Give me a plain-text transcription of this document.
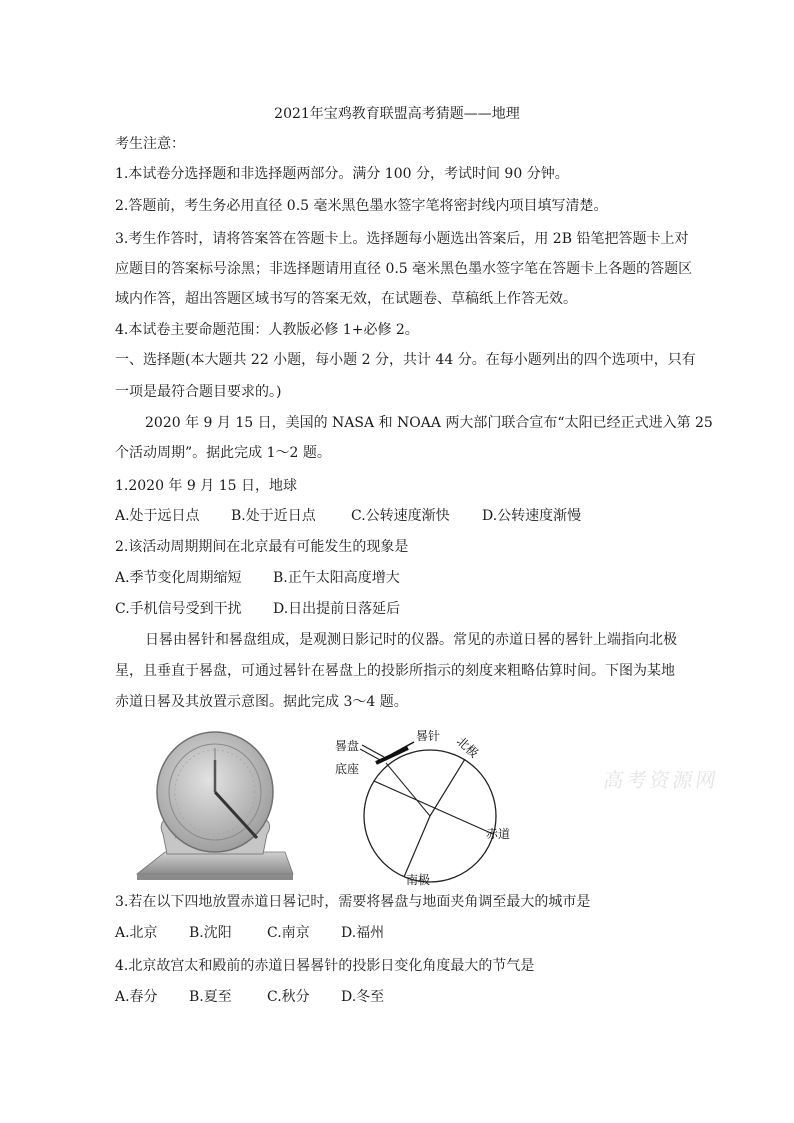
2021年宝鸡教育联盟高考猜题——地理
考生注意：
1.本试卷分选择题和非选择题两部分。满分 100 分，考试时间 90 分钟。
2.答题前，考生务必用直径 0.5 毫米黑色墨水签字笔将密封线内项目填写清楚。
3.考生作答时，请将答案答在答题卡上。选择题每小题选出答案后，用 2B 铅笔把答题卡上对
应题目的答案标号涂黑；非选择题请用直径 0.5 毫米黑色墨水签字笔在答题卡上各题的答题区
域内作答，超出答题区域书写的答案无效，在试题卷、草稿纸上作答无效。
4.本试卷主要命题范围：人教版必修 1+必修 2。
一、选择题(本大题共 22 小题，每小题 2 分，共计 44 分。在每小题列出的四个选项中，只有
一项是最符合题目要求的。)
2020 年 9 月 15 日，美国的 NASA 和 NOAA 两大部门联合宣布“太阳已经正式进入第 25
个活动周期”。据此完成 1～2 题。
1.2020 年 9 月 15 日，地球
A.处于远日点 B.处于近日点	C.公转速度渐快 D.公转速度渐慢
2.该活动周期期间在北京最有可能发生的现象是
A.季节变化周期缩短 B.正午太阳高度增大
C.手机信号受到干扰 D.日出提前日落延后
日晷由晷针和晷盘组成，是观测日影记时的仪器。常见的赤道日晷的晷针上端指向北极
星，且垂直于晷盘，可通过晷针在晷盘上的投影所指示的刻度来粗略估算时间。下图为某地
赤道日晷及其放置示意图。据此完成 3～4 题。
晷盘
晷针
底座
北极
赤道
南极
高考资源网
3.若在以下四地放置赤道日晷记时，需要将晷盘与地面夹角调至最大的城市是
A.北京 B.沈阳	C.南京 D.福州
4.北京故宫太和殿前的赤道日晷晷针的投影日变化角度最大的节气是
A.春分 B.夏至	C.秋分 D.冬至
